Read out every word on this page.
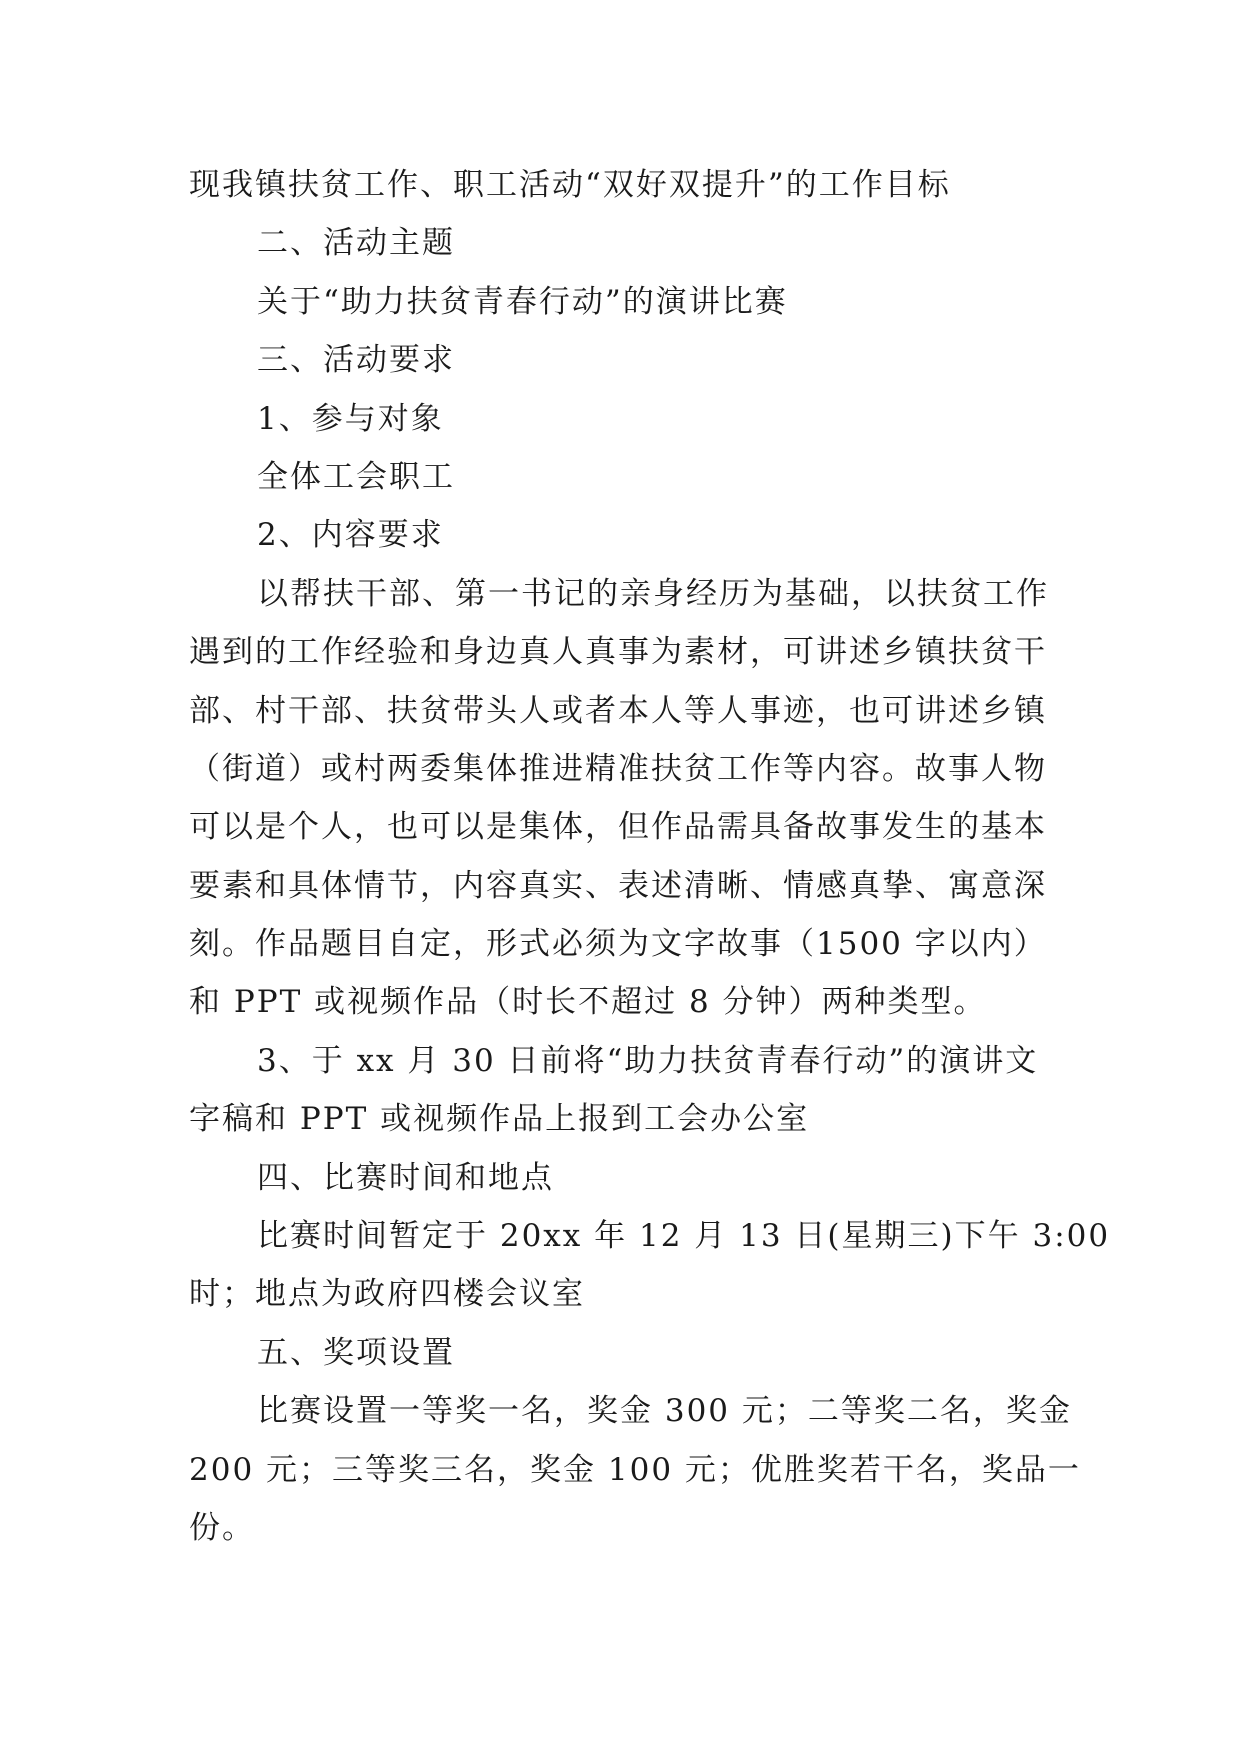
现我镇扶贫工作、职工活动“双好双提升”的工作目标
二、活动主题
关于“助力扶贫青春行动”的演讲比赛
三、活动要求
1、参与对象
全体工会职工
2、内容要求
以帮扶干部、第一书记的亲身经历为基础，以扶贫工作
遇到的工作经验和身边真人真事为素材，可讲述乡镇扶贫干
部、村干部、扶贫带头人或者本人等人事迹，也可讲述乡镇
（街道）或村两委集体推进精准扶贫工作等内容。故事人物
可以是个人，也可以是集体，但作品需具备故事发生的基本
要素和具体情节，内容真实、表述清晰、情感真挚、寓意深
刻。作品题目自定，形式必须为文字故事（1500 字以内）
和 PPT 或视频作品（时长不超过 8 分钟）两种类型。
3、于 xx 月 30 日前将“助力扶贫青春行动”的演讲文
字稿和 PPT 或视频作品上报到工会办公室
四、比赛时间和地点
比赛时间暂定于 20xx 年 12 月 13 日(星期三)下午 3:00
时；地点为政府四楼会议室
五、奖项设置
比赛设置一等奖一名，奖金 300 元；二等奖二名，奖金
200 元；三等奖三名，奖金 100 元；优胜奖若干名，奖品一
份。
